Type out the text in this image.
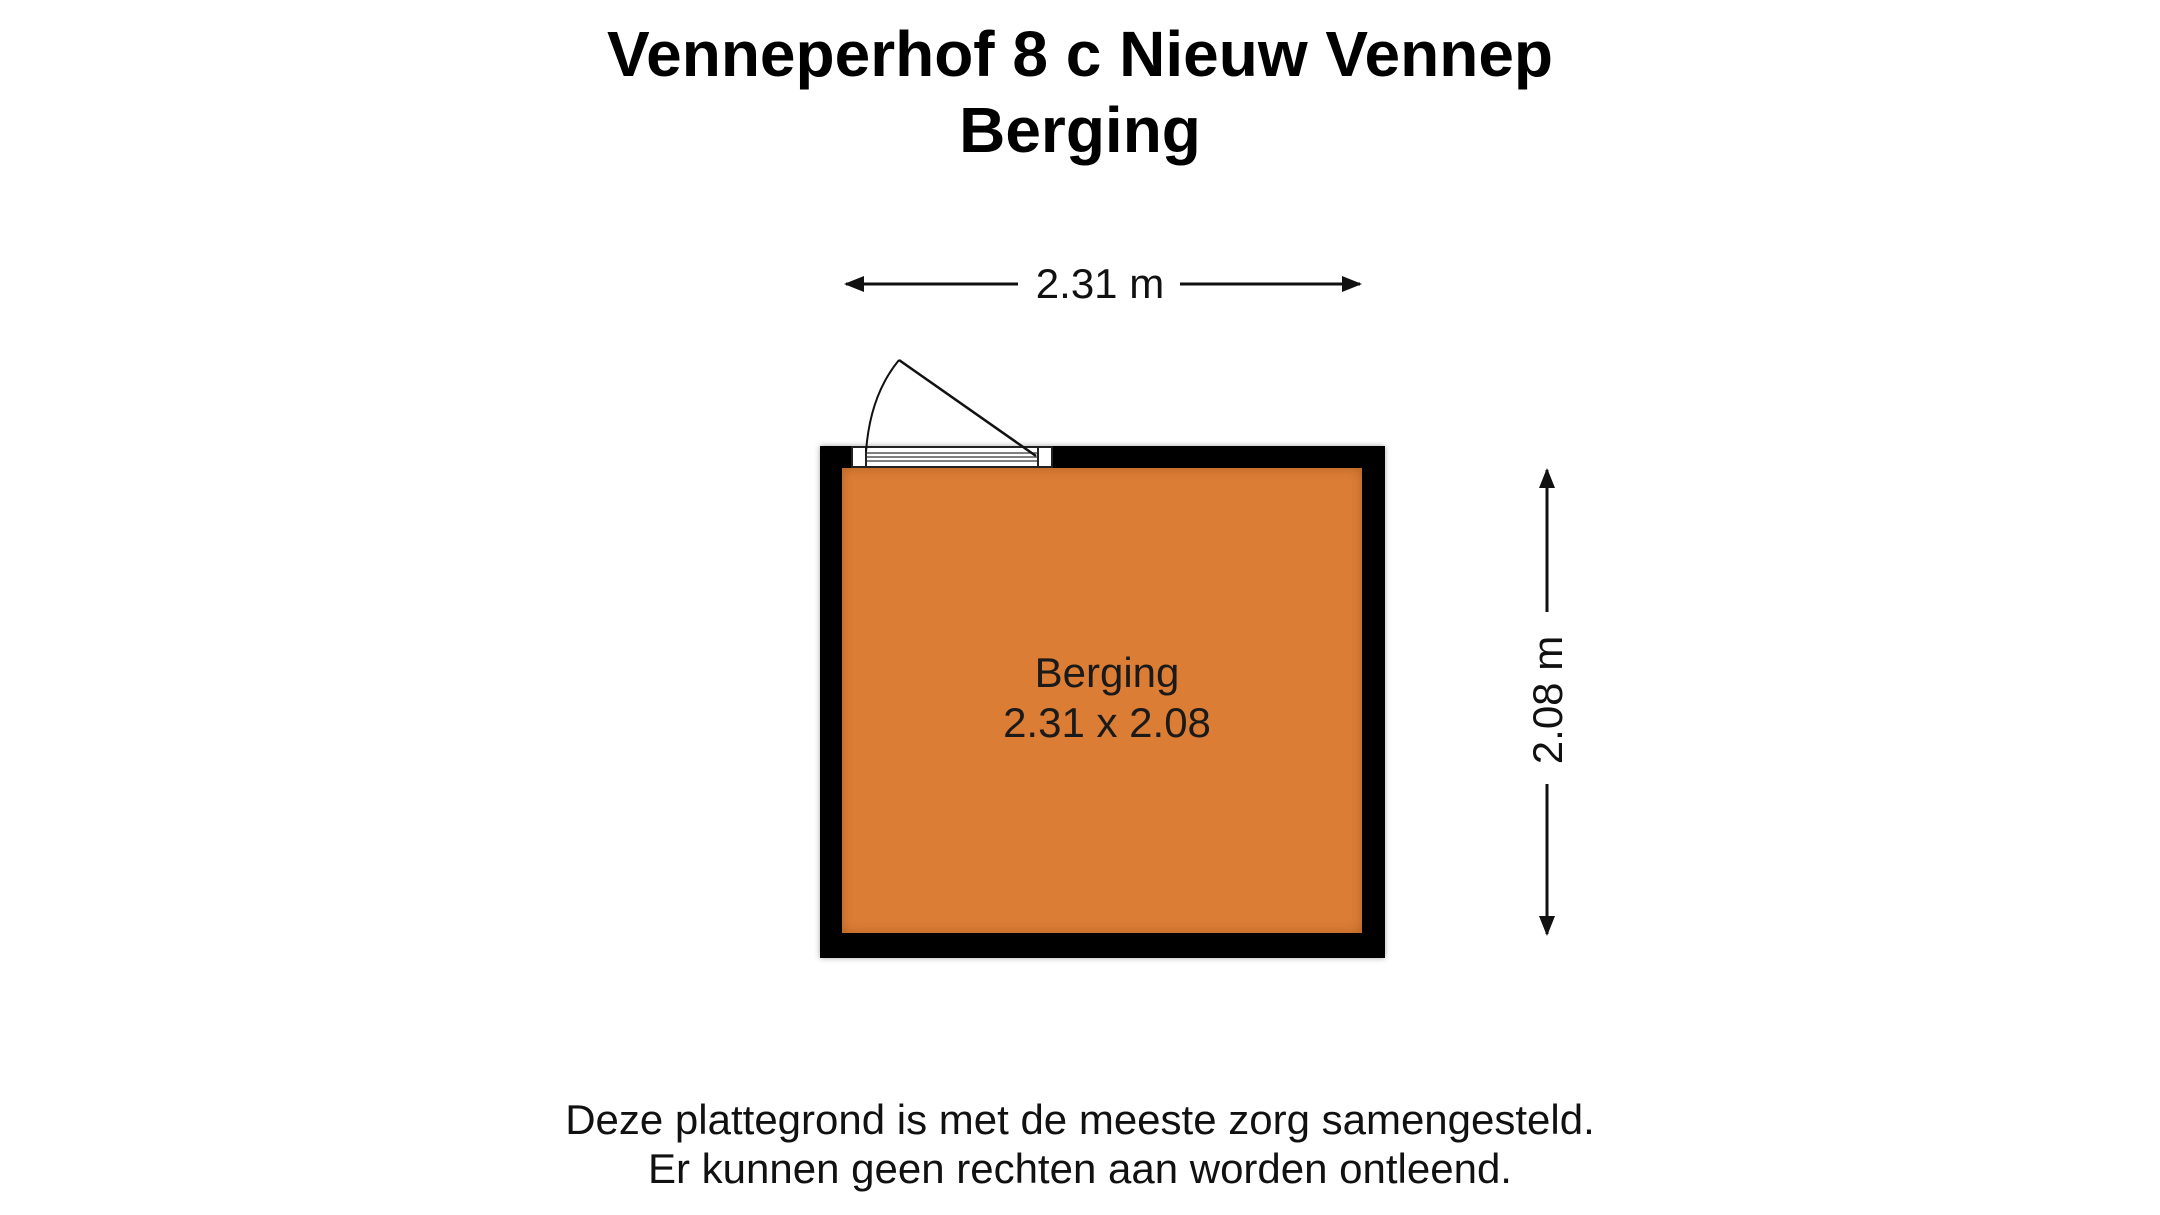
Venneperhof 8 c Nieuw Vennep
Berging
2.31 m
2.08 m
Berging
2.31 x 2.08
Deze plattegrond is met de meeste zorg samengesteld.
Er kunnen geen rechten aan worden ontleend.
